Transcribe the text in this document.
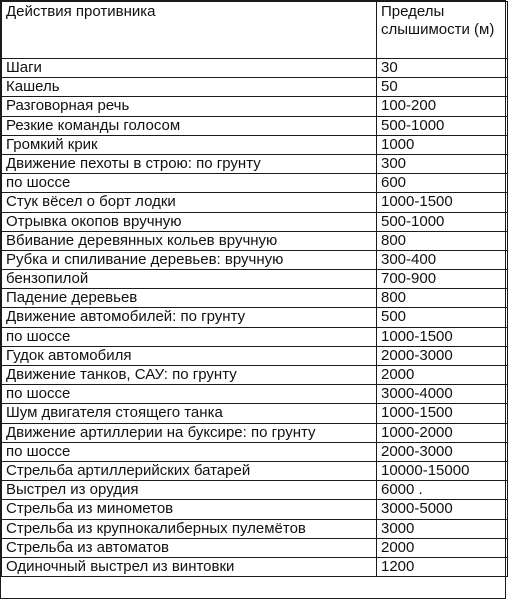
Действия противника	Пределы слышимости (м)
Шаги	30
Кашель	50
Разговорная речь	100-200
Резкие команды голосом	500-1000
Громкий крик	1000
Движение пехоты в строю: по грунту	300
по шоссе	600
Стук вёсел о борт лодки	1000-1500
Отрывка окопов вручную	500-1000
Вбивание деревянных кольев вручную	800
Рубка и спиливание деревьев: вручную	300-400
бензопилой	700-900
Падение деревьев	800
Движение автомобилей: по грунту	500
по шоссе	1000-1500
Гудок автомобиля	2000-3000
Движение танков, САУ: по грунту	2000
по шоссе	3000-4000
Шум двигателя стоящего танка	1000-1500
Движение артиллерии на буксире: по грунту	1000-2000
по шоссе	2000-3000
Стрельба артиллерийских батарей	10000-15000
Выстрел из орудия	6000 .
Стрельба из минометов	3000-5000
Стрельба из крупнокалиберных пулемётов	3000
Стрельба из автоматов	2000
Одиночный выстрел из винтовки	1200
